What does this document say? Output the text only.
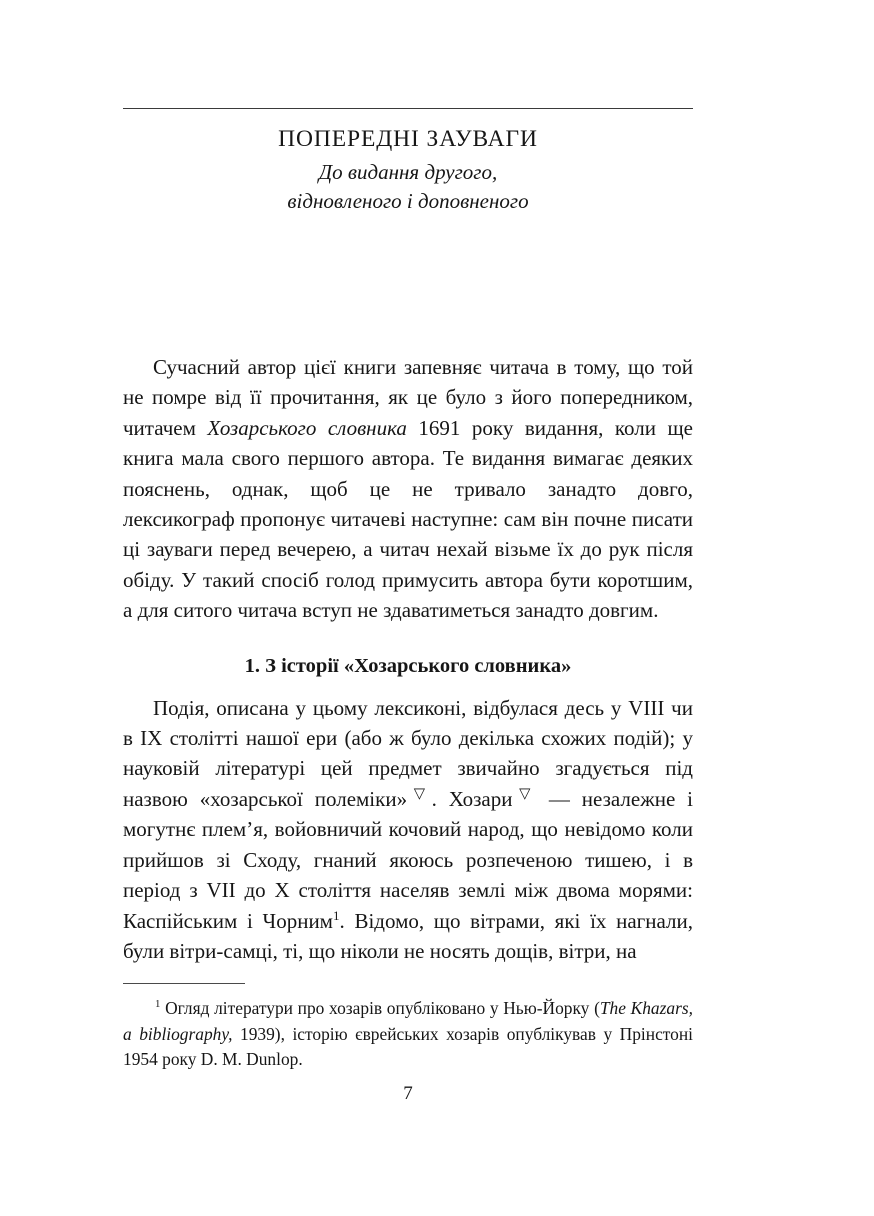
ПОПЕРЕДНІ ЗАУВАГИ
До видання другого,
відновленого і доповненого

Сучасний автор цієї книги запевняє читача в тому, що той не помре від її прочитання, як це було з його попередником, читачем Хозарського словника 1691 року видання, коли ще книга мала свого першого автора. Те видання вимагає деяких пояснень, однак, щоб це не тривало занадто довго, лексикограф пропонує читачеві наступне: сам він почне писати ці зауваги перед вечерею, а читач нехай візьме їх до рук після обіду. У такий спосіб голод примусить автора бути коротшим, а для ситого читача вступ не здаватиметься занадто довгим.

1. З історії «Хозарського словника»

Подія, описана у цьому лексиконі, відбулася десь у VIII чи в IX столітті нашої ери (або ж було декілька схожих подій); у науковій літературі цей предмет звичайно згадується під назвою «хозарської полеміки»▽. Хозари▽ — незалежне і могутнє плем’я, войовничий кочовий народ, що невідомо коли прийшов зі Сходу, гнаний якоюсь розпеченою тишею, і в період з VII до X століття населяв землі між двома морями: Каспійським і Чорним$^1$. Відомо, що вітрами, які їх нагнали, були вітри-самці, ті, що ніколи не носять дощів, вітри, на

$^1$ Огляд літератури про хозарів опубліковано у Нью-Йорку (The Khazars, a bibliography, 1939), історію єврейських хозарів опублікував у Прінстоні 1954 року D. M. Dunlop.

7
